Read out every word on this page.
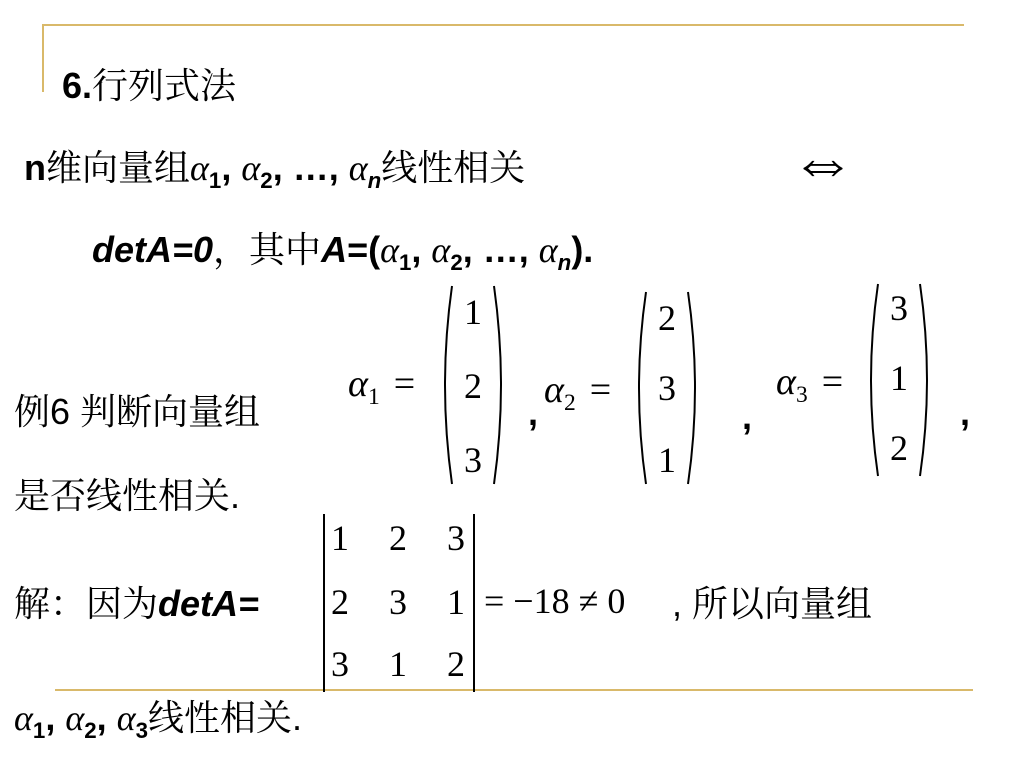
6.行列式法
n维向量组$\alpha_1$, $\alpha_2$, …, $\alpha_n$线性相关	⇔
detA=0，其中$A=(\alpha_1$, $\alpha_2$, …, $\alpha_n$).
例6 判断向量组
是否线性相关.
$\alpha_1$ =
1
2
3
,
$\alpha_2$ =
2
3
1
,
$\alpha_3$ =
3
1
2
,
解：因为detA=
1	2	3
2	3	1
3	1	2
= −18 ≠ 0 , 所以向量组
$\alpha_1$, $\alpha_2$, $\alpha_3$线性相关.
